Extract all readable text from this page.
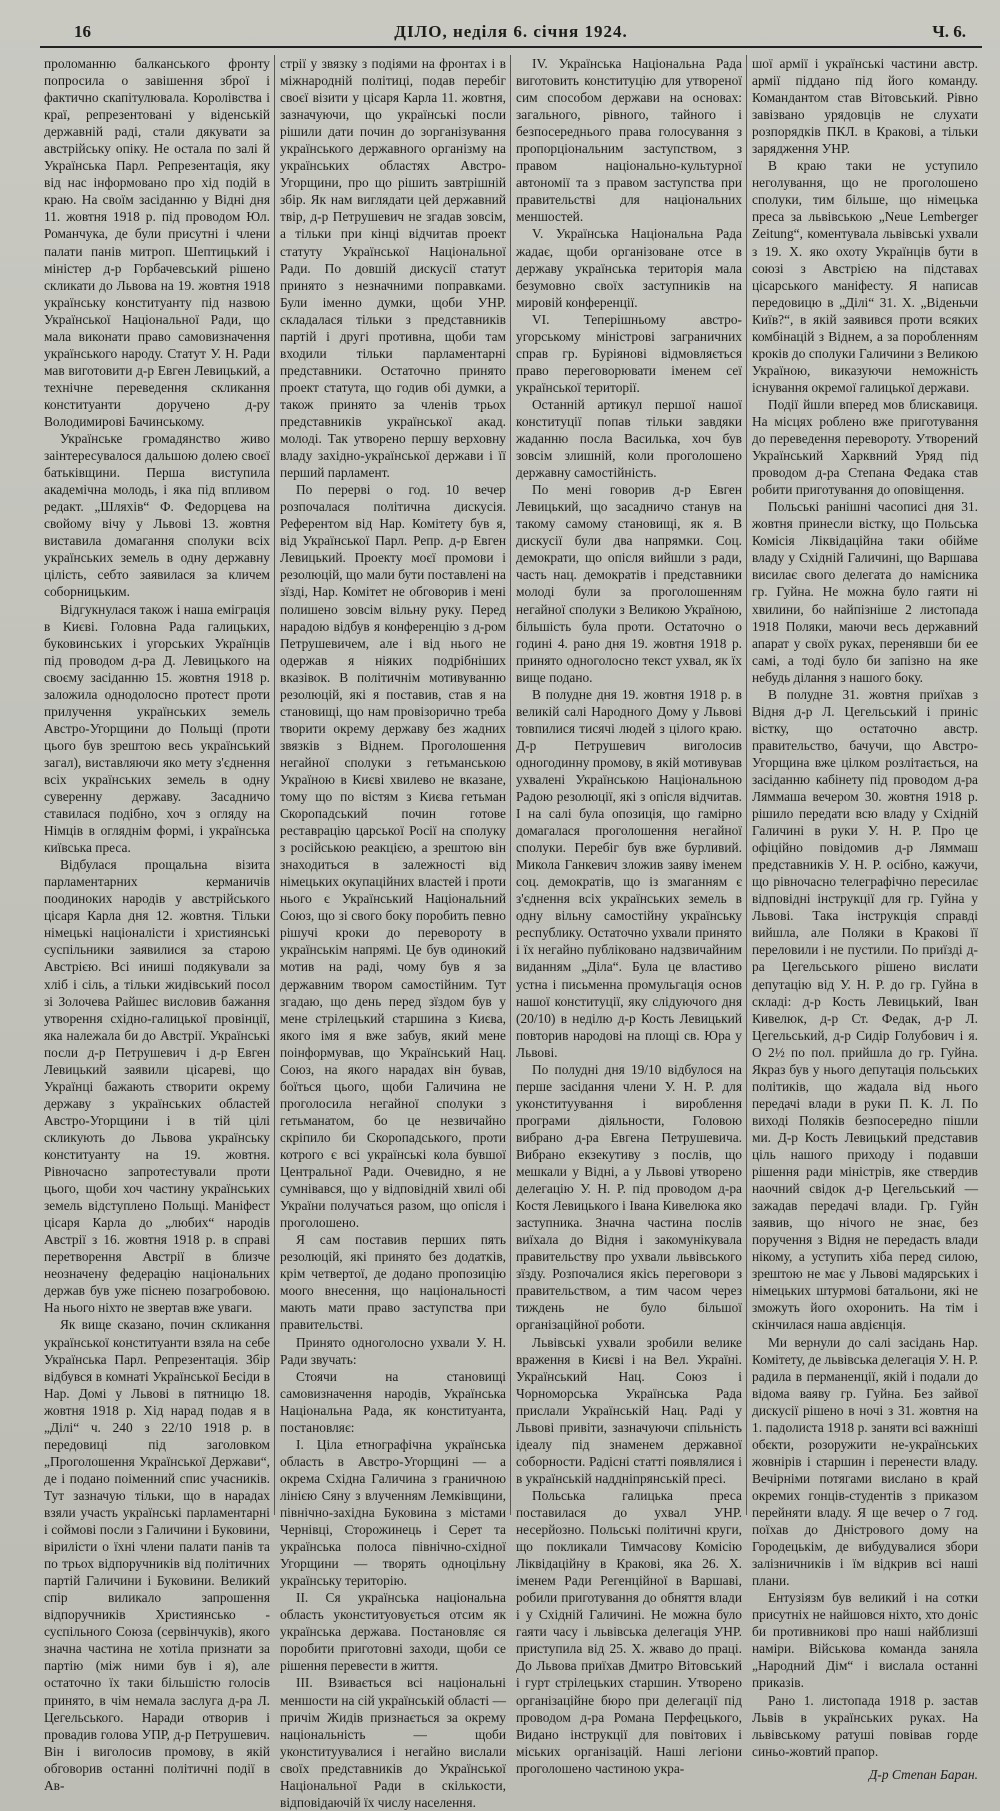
16	ДІЛО, неділя 6. січня 1924.	Ч. 6.

проломанню балканського фронту попросила о завішення зброї і фактично скапітулювала. Королівства і краї, репрезентовані у віденській державній раді, стали дякувати за австрійську опіку. Не остала по залі й Українська Парл. Репрезентація, яку від нас інформовано про хід подій в краю. На своїм засіданню у Відні дня 11. жовтня 1918 р. під проводом Юл. Романчука, де були присутні і члени палати панів митроп. Шептицький і міністер д-р Горбачевський рішено скликати до Львова на 19. жовтня 1918 українську конституанту під назвою Української Національної Ради, що мала виконати право самовизначення українського народу. Статут У. Н. Ради мав виготовити д-р Евген Левицький, а технічне переведення скликання конституанти доручено д-ру Володимирові Бачинському.

Українське громадянство живо заінтересувалося дальшою долею своєї батьківщини. Перша виступила академічна молодь, і яка під впливом редакт. „Шляхів“ Ф. Федорцева на свойому вічу у Львові 13. жовтня виставила домагання сполуки всіх українських земель в одну державну цілість, себто заявилася за кличем соборницьким.

Відгукнулася також і наша еміграція в Києві. Головна Рада галицьких, буковинських і угорських Українців під проводом д-ра Д. Левицького на своєму засіданню 15. жовтня 1918 р. заложила однодолосно протест проти прилучення українських земель Австро-Угорщини до Польщі (проти цього був зрештою весь український загал), виставляючи яко мету з'єднення всіх українських земель в одну суверенну державу. Засадничо ставилася подібно, хоч з огляду на Німців в огляднім формі, і українська київська преса.

Відбулася прощальна візита парламентарних керманичів поодиноких народів у австрійського цісаря Карла дня 12. жовтня. Тільки німецькі націоналісти і християнські суспільники заявилися за старою Австрією. Всі иниші подякували за хліб і сіль, а тільки жидівський посол зі Золочева Райшес висловив бажання утворення східно-галицької провінції, яка належала би до Австрії. Українські посли д-р Петрушевич і д-р Евген Левицький заявили цісареві, що Українці бажають створити окрему державу з українських областей Австро-Угорщини і в тій цілі скликують до Львова українську конституанту на 19. жовтня. Рівночасно запротестували проти цього, щоби хоч частину українських земель відступлено Польщі. Маніфест цісаря Карла до „любих“ народів Австрії з 16. жовтня 1918 р. в справі перетворення Австрії в близче неозначену федерацію національних держав був уже піснею позагробовою. На нього ніхто не звертав вже уваги.

Як вище сказано, почин скликання української конституанти взяла на себе Українська Парл. Репрезентація. Збір відбувся в комнаті Української Бесіди в Нар. Домі у Львові в пятницю 18. жовтня 1918 р. Хід нарад подав я в „Ділі“ ч. 240 з 22/10 1918 р. в передовиці під заголовком „Проголошення Української Держави“, де і подано поіменний спис учасників. Тут зазначую тільки, що в нарадах взяли участь українські парламентарні і соймові посли з Галичини і Буковини, вірилісти о їхні члени палати панів та по трьох відпоручників від політичних партій Галичини і Буковини. Великий спір виликало запрошення відпоручників Християнсько - суспільного Союза (сервінчуків), якого значна частина не хотіла признати за партію (між ними був і я), але остаточно їх таки більшістю голосів принято, в чім немала заслуга д-ра Л. Цегельського. Наради отворив і провадив голова УПР, д-р Петрушевич. Він і виголосив промову, в якій обговорив останні політичні події в Ав-

стрії у звязку з подіями на фронтах і в міжнародній політиці, подав перебіг своєї візити у цісаря Карла 11. жовтня, зазначуючи, що українські посли рішили дати почин до зорганізування українського державного організму на українських областях Австро-Угорщини, про що рішить завтрішній збір. Як нам виглядати цей державний твір, д-р Петрушевич не згадав зовсім, а тільки при кінці відчитав проект статуту Української Національної Ради. По довшій дискусії статут принято з незначними поправками. Були іменно думки, щоби УНР. складалася тільки з представників партій і другі противна, щоби там входили тільки парламентарні представники. Остаточно принято проект статута, що годив обі думки, а також принято за членів трьох представників української акад. молоді. Так утворено першу верховну владу західно-української держави і її перший парламент.

По перерві о год. 10 вечер розпочалася політична дискусія. Референтом від Нар. Комітету був я, від Української Парл. Репр. д-р Евген Левицький. Проекту моєї промови і резолюцій, що мали бути поставлені на зїзді, Нар. Комітет не обговорив і мені полишено зовсім вільну руку. Перед нарадою відбув я конференцію з д-ром Петрушевичем, але і від нього не одержав я ніяких подрібніших вказівок. В політичнім мотивуванню резолюцій, які я поставив, став я на становищі, що нам провізорично треба творити окрему державу без жадних звязків з Віднем. Проголошення негайної сполуки з гетьманською Україною в Києві хвилево не вказане, тому що по вістям з Києва гетьман Скоропадський почин готове реставрацію царської Росії на сполуку з російською реакцією, а зрештою він знаходиться в залежності від німецьких окупаційних властей і проти нього є Український Національний Союз, що зі свого боку поробить певно рішучі кроки до перевороту в українськім напрямі. Це був одинокий мотив на раді, чому був я за державним твором самостійним. Тут згадаю, що день перед зїздом був у мене стрілецький старшина з Києва, якого імя я вже забув, який мене поінформував, що Український Нац. Союз, на якого нарадах він бував, боїться цього, щоби Галичина не проголосила негайної сполуки з гетьманатом, бо це незвичайно скріпило би Скоропадського, проти котрого є всі українські кола бувшої Центральної Ради. Очевидно, я не сумнівався, що у відповідній хвилі обі України получаться разом, що опісля і проголошено.

Я сам поставив перших пять резолюцій, які принято без додатків, крім четвертої, де додано пропозицію моого внесення, що національності мають мати право заступства при правительстві.

Принято одноголосно ухвали У. Н. Ради звучать:

Стоячи на становищі самовизначення народів, Українська Національна Рада, як конституанта, постановляє:

I. Ціла етнографічна українська область в Австро-Угорщині — а окрема Східна Галичина з граничною лінією Сяну з влученням Лемківщини, північно-західна Буковина з містами Чернівці, Сторожинець і Серет та українська полоса північно-східної Угорщини — творять одноцільну українську територію.

II. Ся українська національна область уконституовується отсим як українська держава. Постановляє ся поробити приготовні заходи, щоби се рішення перевести в життя.

III. Взивається всі національні меншости на сій українській області — причім Жидів признається за окрему національність — щоби уконституувалися і негайно вислали своїх представників до Української Національної Ради в скількости, відповідаючій їх числу населення.

IV. Українська Національна Рада виготовить конституцію для утвореної сим способом держави на основах: загального, рівного, тайного і безпосереднього права голосування з пропорціональним заступством, з правом національно-культурної автономії та з правом заступства при правительстві для національних меншостей.

V. Українська Національна Рада жадає, щоби організоване отсе в державу українська територія мала безумовно своїх заступників на мировій конференції.

VI. Теперішньому австро-угорському міністрові заграничних справ гр. Буріянові відмовляється право переговорювати іменем сеї української території.

Останній артикул першої нашої конституції попав тільки завдяки жаданню посла Василька, хоч був зовсім злишній, коли проголошено державну самостійність.

По мені говорив д-р Евген Левицький, що засадничо станув на такому самому становищі, як я. В дискусії були два напрямки. Соц. демократи, що опісля вийшли з ради, часть нац. демократів і представники молоді були за проголошенням негайної сполуки з Великою Україною, більшість була проти. Остаточно о годині 4. рано дня 19. жовтня 1918 р. принято одноголосно текст ухвал, як їх вище подано.

В полудне дня 19. жовтня 1918 р. в великій салі Народного Дому у Львові товпилися тисячі людей з цілого краю. Д-р Петрушевич виголосив одногодинну промову, в якій мотивував ухвалені Українською Національною Радою резолюції, які з опісля відчитав. І на салі була опозиція, що гамірно домагалася проголошення негайної сполуки. Перебіг був вже бурливий. Микола Ганкевич зложив заяву іменем соц. демократів, що із змаганням є з'єднення всіх українських земель в одну вільну самостійну українську республику. Остаточно ухвали принято і їх негайно публіковано надзвичайним виданням „Діла“. Була це властиво устна і письменна промульгація основ нашої конституції, яку слідуючого дня (20/10) в неділю д-р Кость Левицький повторив народові на площі св. Юра у Львові.

По полудні дня 19/10 відбулося на перше засідання члени У. Н. Р. для уконституування і вироблення програми діяльности, Головою вибрано д-ра Евгена Петрушевича. Вибрано екзекутиву з послів, що мешкали у Відні, а у Львові утворено делегацію У. Н. Р. під проводом д-ра Костя Левицького і Івана Кивелюка яко заступника. Значна частина послів виїхала до Відня і закомунікувала правительству про ухвали львівського зїзду. Розпочалися якісь переговори з правительством, а тим часом через тиждень не було більшої організаційної роботи.

Львівські ухвали зробили велике враження в Києві і на Вел. Україні. Український Нац. Союз і Чорноморська Українська Рада прислали Українській Нац. Раді у Львові привіти, зазначуючи спільність ідеалу під знаменем державної соборности. Радісні статті появлялися і в українській наддніпрянській пресі.

Польська галицька преса поставилася до ухвал УНР. несерйозно. Польські політичні круги, що покликали Тимчасову Комісію Ліквідаційну в Кракові, яка 26. Х. іменем Ради Регенційної в Варшаві, робили приготування до обняття влади і у Східній Галичині. Не можна було гаяти часу і львівська делегація УНР. приступила від 25. Х. жваво до праці. До Львова приїхав Дмитро Вітовський і гурт стрілецьких старшин. Утворено організаційне бюро при делегації під проводом д-ра Романа Перфецького, Видано інструкції для повітових і міських організацій. Наші легіони проголошено частиною укра-

шої армії і українські частини австр. армії піддано під його команду. Командантом став Вітовський. Рівно завізвано урядовців не слухати розпорядків ПКЛ. в Кракові, а тільки зарядження УНР.

В краю таки не уступило неголування, що не проголошено сполуки, тим більше, що німецька преса за львівською „Neue Lemberger Zeitung“, коментувала львівські ухвали з 19. Х. яко охоту Українців бути в союзі з Австрією на підставах цісарського маніфесту. Я написав передовицю в „Ділі“ 31. Х. „Віденьчи Київ?“, в якій заявився проти всяких комбінацій з Віднем, а за поробленням кроків до сполуки Галичини з Великою Україною, виказуючи неможність існування окремої галицької держави.

Події йшли вперед мов блискавиця. На місцях роблено вже приготування до переведення перевороту. Утворений Український Харквний Уряд під проводом д-ра Степана Федака став робити приготування до оповіщення.

Польські ранішні часописі дня 31. жовтня принесли вістку, що Польська Комісія Ліквідаційна таки обійме владу у Східній Галичині, що Варшава висилає свого делегата до намісника гр. Гуйна. Не можна було гаяти ні хвилини, бо найпізніше 2 листопада 1918 Поляки, маючи весь державний апарат у своїх руках, перенявши би ее самі, а тоді було би запізно на яке небудь ділання з нашого боку.

В полудне 31. жовтня приїхав з Відня д-р Л. Цегельський і приніс вістку, що остаточно австр. правительство, бачучи, що Австро-Угорщина вже цілком розлітається, на засіданню кабінету під проводом д-ра Ляммаша вечером 30. жовтня 1918 р. рішило передати всю владу у Східній Галичині в руки У. Н. Р. Про це офіційно повідомив д-р Ляммаш представників У. Н. Р. осібно, кажучи, що рівночасно телеграфічно пересилає відповідні інструкції для гр. Гуйна у Львові. Така інструкція справді вийшла, але Поляки в Кракові її переловили і не пустили. По приїзді д-ра Цегельського рішено вислати депутацію від У. Н. Р. до гр. Гуйна в складі: д-р Кость Левицький, Іван Кивелюк, д-р Ст. Федак, д-р Л. Цегельський, д-р Сидір Голубович і я. О 2½ по пол. прийшла до гр. Гуйна. Якраз був у нього депутація польських політиків, що жадала від нього передачі влади в руки П. К. Л. По виході Поляків безпосередно пішли ми. Д-р Кость Левицький представив ціль нашого приходу і подавши рішення ради міністрів, яке ствердив наочний свідок д-р Цегельський — зажадав передачі влади. Гр. Гуйн заявив, що нічого не знає, без поручення з Відня не передасть влади нікому, а уступить хіба перед силою, зрештою не має у Львові мадярських і німецьких штурмові батальони, які не зможуть його охоронить. На тім і скінчилася наша авдієнція.

Ми вернули до салі засідань Нар. Комітету, де львівська делегація У. Н. Р. радила в перманенції, якій і подали до відома ваяву гр. Гуйна. Без зайвої дискусії рішено в ночі з 31. жовтня на 1. падолиста 1918 р. заняти всі важніші обєкти, розоружити не-українських жовнірів і старшин і перенести владу. Вечірніми потягами вислано в край окремих гонців-студентів з приказом перейняти владу. Я ще вечер о 7 год. поїхав до Дністрового дому на Городецькім, де вибудувалися збори залізничників і їм відкрив всі наші плани.

Ентузіязм був великий і на сотки присутніх не найшовся ніхто, хто доніс би противникові про наші найблизші наміри. Військова команда заняла „Народний Дім“ і вислала останні приказів.

Рано 1. листопада 1918 р. застав Львів в українських руках. На львівському ратуші повівав горде синьо-жовтий прапор.

Д-р Степан Баран.
